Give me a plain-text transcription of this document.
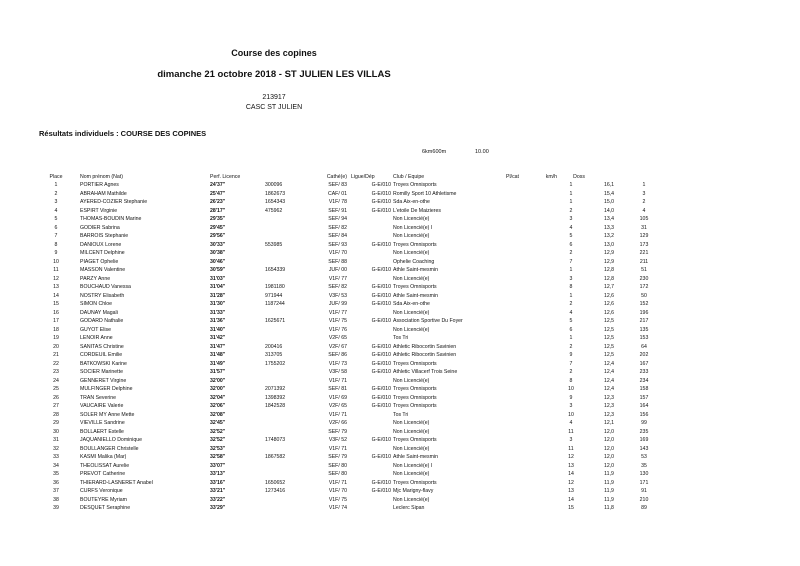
Course des copines
dimanche 21 octobre 2018 - ST JULIEN LES VILLAS
213917
CASC ST JULIEN
Résultats individuels : COURSE DES COPINES
6km600m	10.00
Place	Nom prénom (Nat)	Perf. Licence		Cathé(e)	Ligue/Dép	Club / Equipe	Pl/cat	km/h	Doss		
1	PORTIER Agnes	24'37''	300096	SEF/ 83	G-E/010	Troyes Omnisports			1	16,1	1
2	ABRAHAM Mathilde	25'47''	1862673	CAF/ 01	G-E/010	Romilly Sport 10 Athletisme			1	15,4	3
3	AYERED-COZIER Stephanie	26'23''	1654343	V1F/ 78	G-E/010	Sda Aix-en-othe			1	15,0	2
4	ESPIRT Virginie	28'17''	475962	SEF/ 91	G-E/010	L'etoile De Maizieres			2	14,0	4
5	THOMAS-BOUDIN Marine	29'35''		SEF/ 94		Non Licencié(e)			3	13,4	105
6	GODIER Sabrina	29'45''		SEF/ 82		Non Licencié(e) I			4	13,3	31
7	BARROIS Stephanie	29'56''		SEF/ 84		Non Licencié(e)			5	13,2	129
8	DANIOUX Lorene	30'33''	553985	SEF/ 93	G-E/010	Troyes Omnisports			6	13,0	173
9	MILCENT Delphine	30'38''		V1F/ 70		Non Licencié(e)			2	12,9	221
10	PIAGET Ophelie	30'46''		SEF/ 88		Ophelie Coaching			7	12,9	211
11	MASSON Valentine	30'59''	1654339	JUF/ 00	G-E/010	Athle Saint-mesmin			1	12,8	51
12	PARZY Anne	31'03''		V1F/ 77		Non Licencié(e)			3	12,8	230
13	BOUCHAUD Vanessa	31'04''	1981180	SEF/ 82	G-E/010	Troyes Omnisports			8	12,7	172
14	NOSTRY Elisabeth	31'28''	971944	V3F/ 53	G-E/010	Athle Saint-mesmin			1	12,6	50
15	SIMON Chloe	31'30''	1187244	JUF/ 99	G-E/010	Sda Aix-en-othe			2	12,6	152
16	DAUNAY Magali	31'33''		V1F/ 77		Non Licencié(e)			4	12,6	196
17	GODARD Nathalie	31'36''	1625671	V1F/ 75	G-E/010	Association Sportive Du Foyer			5	12,5	217
18	GUYOT Elise	31'40''		V1F/ 76		Non Licencié(e)			6	12,5	135
19	LENOIR Anne	31'42''		V2F/ 65		Tos Tri			1	12,5	153
20	SANITAS Christine	31'47''	200416	V2F/ 67	G-E/010	Athletic Ribocortin Savinien			2	12,5	64
21	CORDEUIL Emilie	31'48''	313705	SEF/ 86	G-E/010	Athletic Ribocortin Savinien			9	12,5	202
22	BATKOWSKI Karine	31'49''	1755202	V1F/ 73	G-E/010	Troyes Omnisports			7	12,4	167
23	SOCIER Marinette	31'57''		V3F/ 58	G-E/010	Athletic Villacerf Trois Seine			2	12,4	233
24	GENNERET Virgine	32'00''		V1F/ 71		Non Licencié(e)			8	12,4	234
25	MULFINGER Delphine	32'00''	2071392	SEF/ 81	G-E/010	Troyes Omnisports			10	12,4	158
26	TRAN Severine	32'04''	1398392	V1F/ 69	G-E/010	Troyes Omnisports			9	12,3	157
27	VAUCAIRE Valerie	32'06''	1842528	V2F/ 65	G-E/010	Troyes Omnisports			3	12,3	164
28	SOLER MY Anne Mette	32'08''		V1F/ 71		Tos Tri			10	12,3	156
29	VIEVILLE Sandrine	32'45''		V2F/ 66		Non Licencié(e)			4	12,1	99
30	BOLLAERT Estelle	32'52''		SEF/ 79		Non Licencié(e)			11	12,0	235
31	JAQUANIELLO Dominique	32'52''	1748073	V3F/ 52	G-E/010	Troyes Omnisports			3	12,0	169
32	BOULLANGER Christelle	32'53''		V1F/ 71		Non Licencié(e)			11	12,0	143
33	KASMI Malika (Mar)	32'58''	1867582	SEF/ 79	G-E/010	Athle Saint-mesmin			12	12,0	53
34	THEOLISSAT Aurelie	33'07''		SEF/ 80		Non Licencié(e) I			13	12,0	35
35	PREVOT Catherine	33'13''		SEF/ 80		Non Licencié(e)			14	11,9	130
36	THIERARD-LASNERET Anabel	33'16''	1650652	V1F/ 71	G-E/010	Troyes Omnisports			12	11,9	171
37	CURFS Veronique	33'21''	1273416	V1F/ 70	G-E/010	Mjc Marigny-flavy			13	11,9	91
38	BOUTEYRE Myriam	33'22''		V1F/ 75		Non Licencié(e)			14	11,9	210
39	DESQUET Seraphine	33'29''		V1F/ 74		Leclerc Sipan			15	11,8	89
